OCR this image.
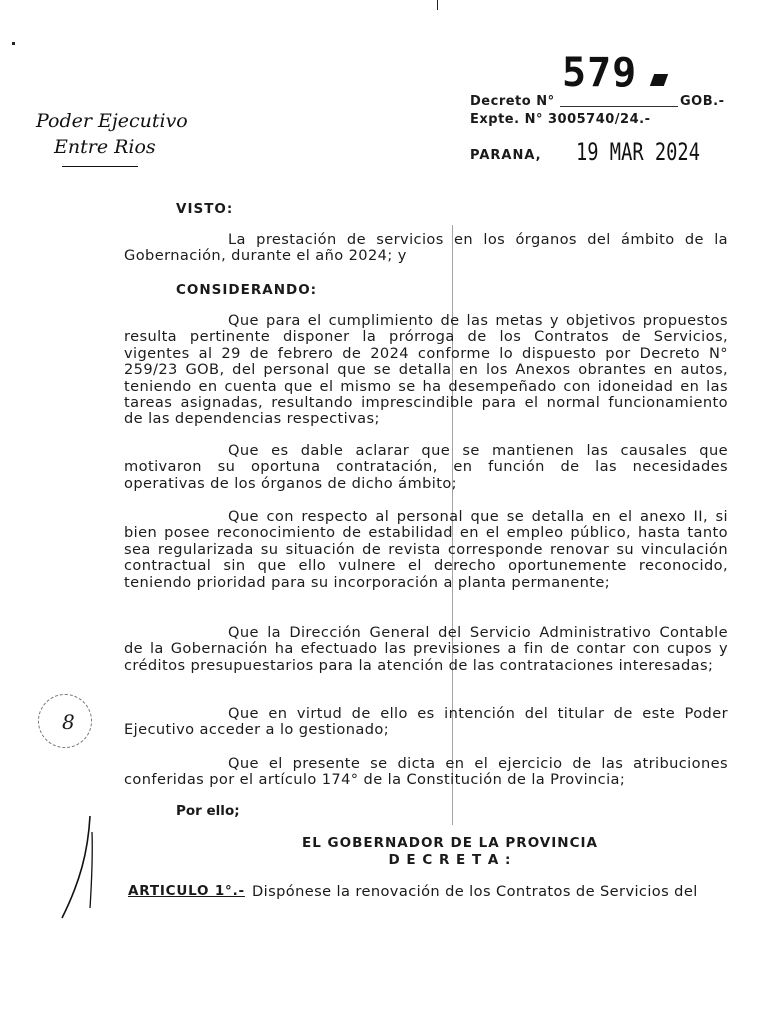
579
Decreto N°	GOB.-
Expte. N° 3005740/24.-
PARANA, 19 MAR 2024
Poder Ejecutivo
Entre Rios
VISTO:
La prestación de servicios en los órganos del ámbito de la Gobernación, durante el año 2024; y
CONSIDERANDO:
Que para el cumplimiento de las metas y objetivos propuestos resulta pertinente disponer la prórroga de los Contratos de Servicios, vigentes al 29 de febrero de 2024 conforme lo dispuesto por Decreto N° 259/23 GOB, del personal que se detalla en los Anexos obrantes en autos, teniendo en cuenta que el mismo se ha desempeñado con idoneidad en las tareas asignadas, resultando imprescindible para el normal funcionamiento de las dependencias respectivas;
Que es dable aclarar que se mantienen las causales que motivaron su oportuna contratación, en función de las necesidades operativas de los órganos de dicho ámbito;
Que con respecto al personal que se detalla en el anexo II, si bien posee reconocimiento de estabilidad en el empleo público, hasta tanto sea regularizada su situación de revista corresponde renovar su vinculación contractual sin que ello vulnere el derecho oportunemente reconocido, teniendo prioridad para su incorporación a planta permanente;
Que la Dirección General del Servicio Administrativo Contable de la Gobernación ha efectuado las previsiones a fin de contar con cupos y créditos presupuestarios para la atención de las contrataciones interesadas;
Que en virtud de ello es intención del titular de este Poder Ejecutivo acceder a lo gestionado;
Que el presente se dicta en el ejercicio de las atribuciones conferidas por el artículo 174° de la Constitución de la Provincia;
8
Por ello;
EL GOBERNADOR DE LA PROVINCIA
D E C R E T A :
ARTICULO 1°.- Dispónese la renovación de los Contratos de Servicios del
